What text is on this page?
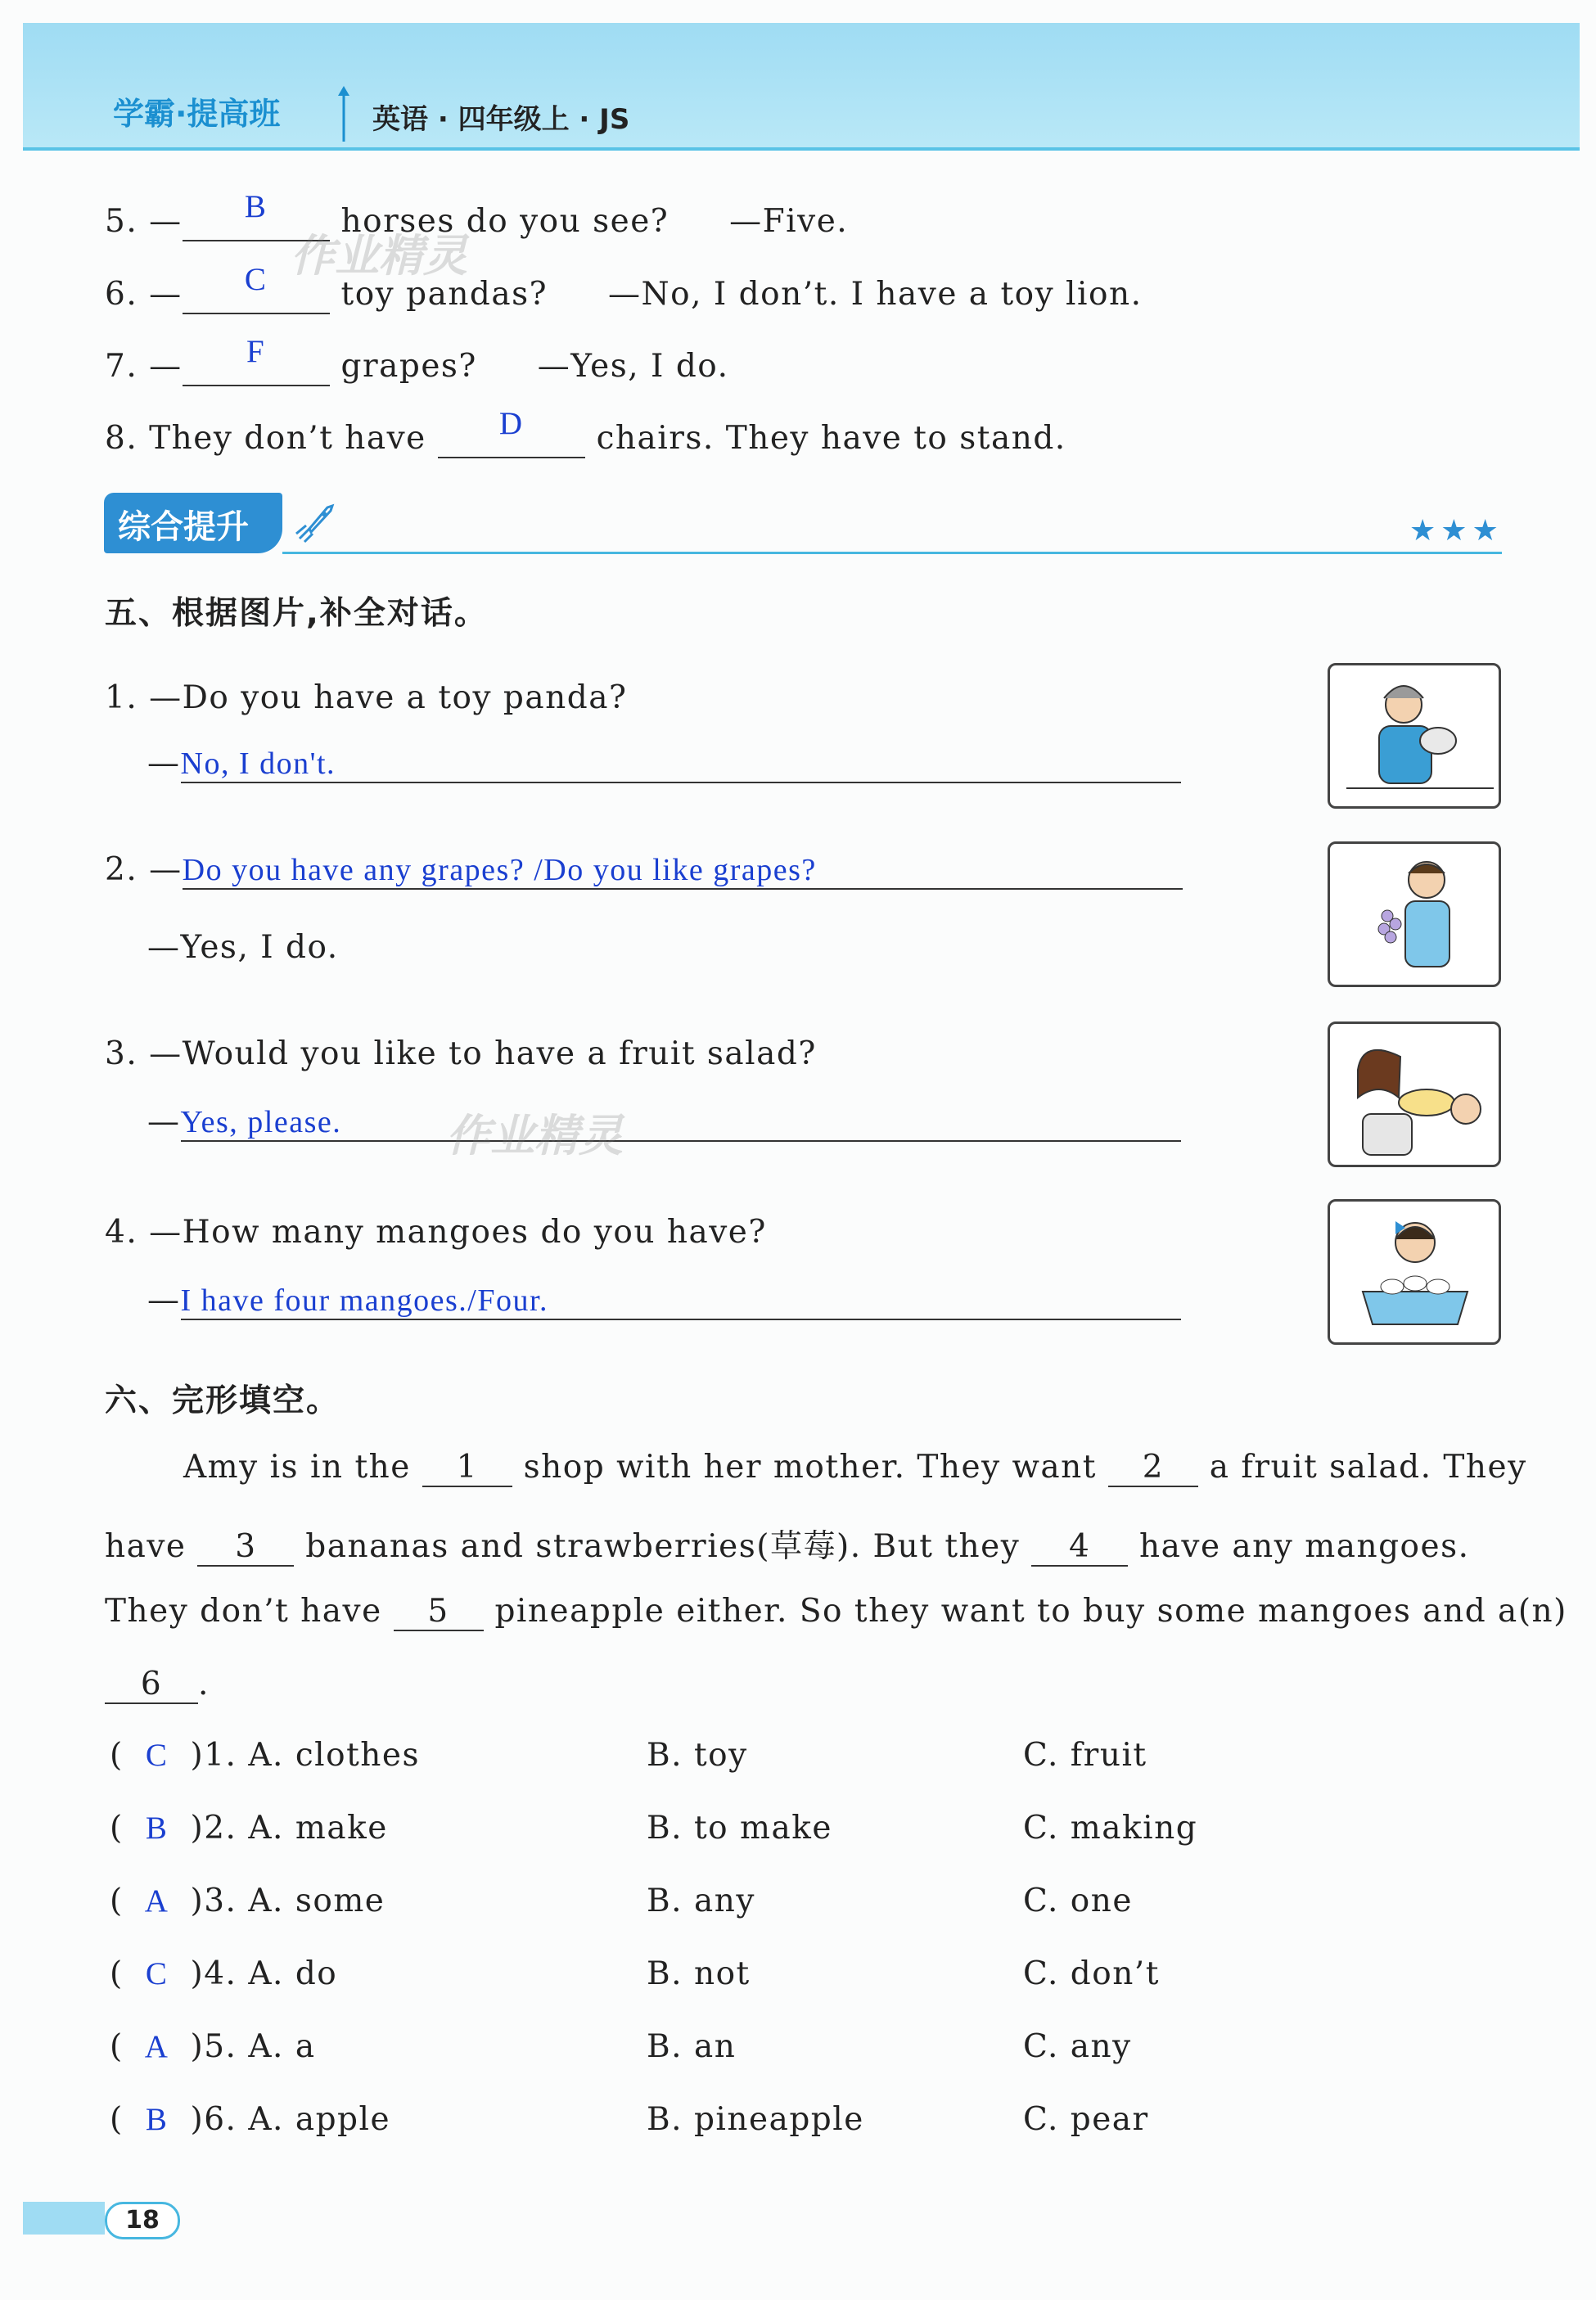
学霸·提高班	英语 · 四年级上 · JS
5. — B horses do you see? —Five.
6. — C toy pandas? —No, I don’t. I have a toy lion.
7. — F grapes? —Yes, I do.
8. They don’t have D chairs. They have to stand.
作业精灵
综合提升	★★★
五、根据图片,补全对话。
1. —Do you have a toy panda?
—No, I don't.
2. —Do you have any grapes? /Do you like grapes?
—Yes, I do.
3. —Would you like to have a fruit salad?
—Yes, please.	作业精灵
4. —How many mangoes do you have?
—I have four mangoes./Four.
六、完形填空。
Amy is in the 1 shop with her mother. They want 2 a fruit salad. They
have 3 bananas and strawberries(草莓). But they 4 have any mangoes.
They don’t have 5 pineapple either. So they want to buy some mangoes and a(n)
6 .
( C )1. A. clothes	B. toy	C. fruit
( B )2. A. make	B. to make	C. making
( A )3. A. some	B. any	C. one
( C )4. A. do	B. not	C. don’t
( A )5. A. a	B. an	C. any
( B )6. A. apple	B. pineapple	C. pear
18
